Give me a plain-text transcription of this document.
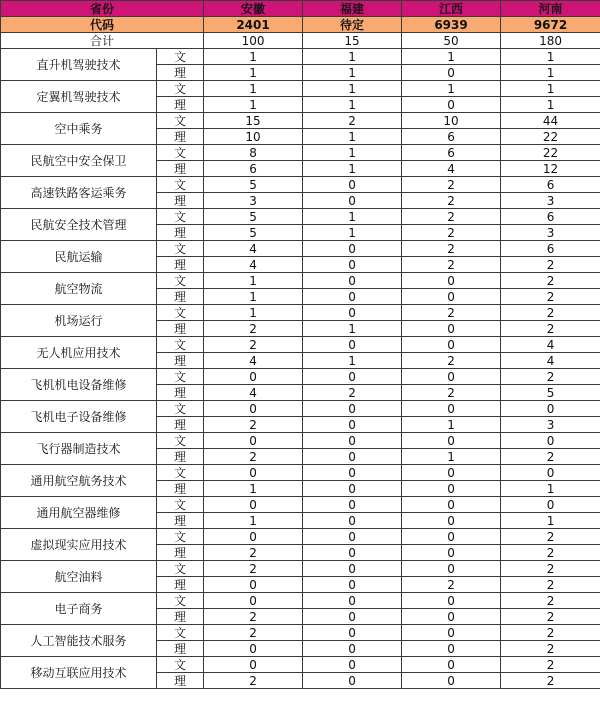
省份		安徽	福建	江西	河南
代码		2401	待定	6939	9672
合计		100	15	50	180
直升机驾驶技术	文	1	1	1	1
	理	1	1	0	1
定翼机驾驶技术	文	1	1	1	1
	理	1	1	0	1
空中乘务	文	15	2	10	44
	理	10	1	6	22
民航空中安全保卫	文	8	1	6	22
	理	6	1	4	12
高速铁路客运乘务	文	5	0	2	6
	理	3	0	2	3
民航安全技术管理	文	5	1	2	6
	理	5	1	2	3
民航运输	文	4	0	2	6
	理	4	0	2	2
航空物流	文	1	0	0	2
	理	1	0	0	2
机场运行	文	1	0	2	2
	理	2	1	0	2
无人机应用技术	文	2	0	0	4
	理	4	1	2	4
飞机机电设备维修	文	0	0	0	2
	理	4	2	2	5
飞机电子设备维修	文	0	0	0	0
	理	2	0	1	3
飞行器制造技术	文	0	0	0	0
	理	2	0	1	2
通用航空航务技术	文	0	0	0	0
	理	1	0	0	1
通用航空器维修	文	0	0	0	0
	理	1	0	0	1
虚拟现实应用技术	文	0	0	0	2
	理	2	0	0	2
航空油料	文	2	0	0	2
	理	0	0	2	2
电子商务	文	0	0	0	2
	理	2	0	0	2
人工智能技术服务	文	2	0	0	2
	理	0	0	0	2
移动互联应用技术	文	0	0	0	2
	理	2	0	0	2
